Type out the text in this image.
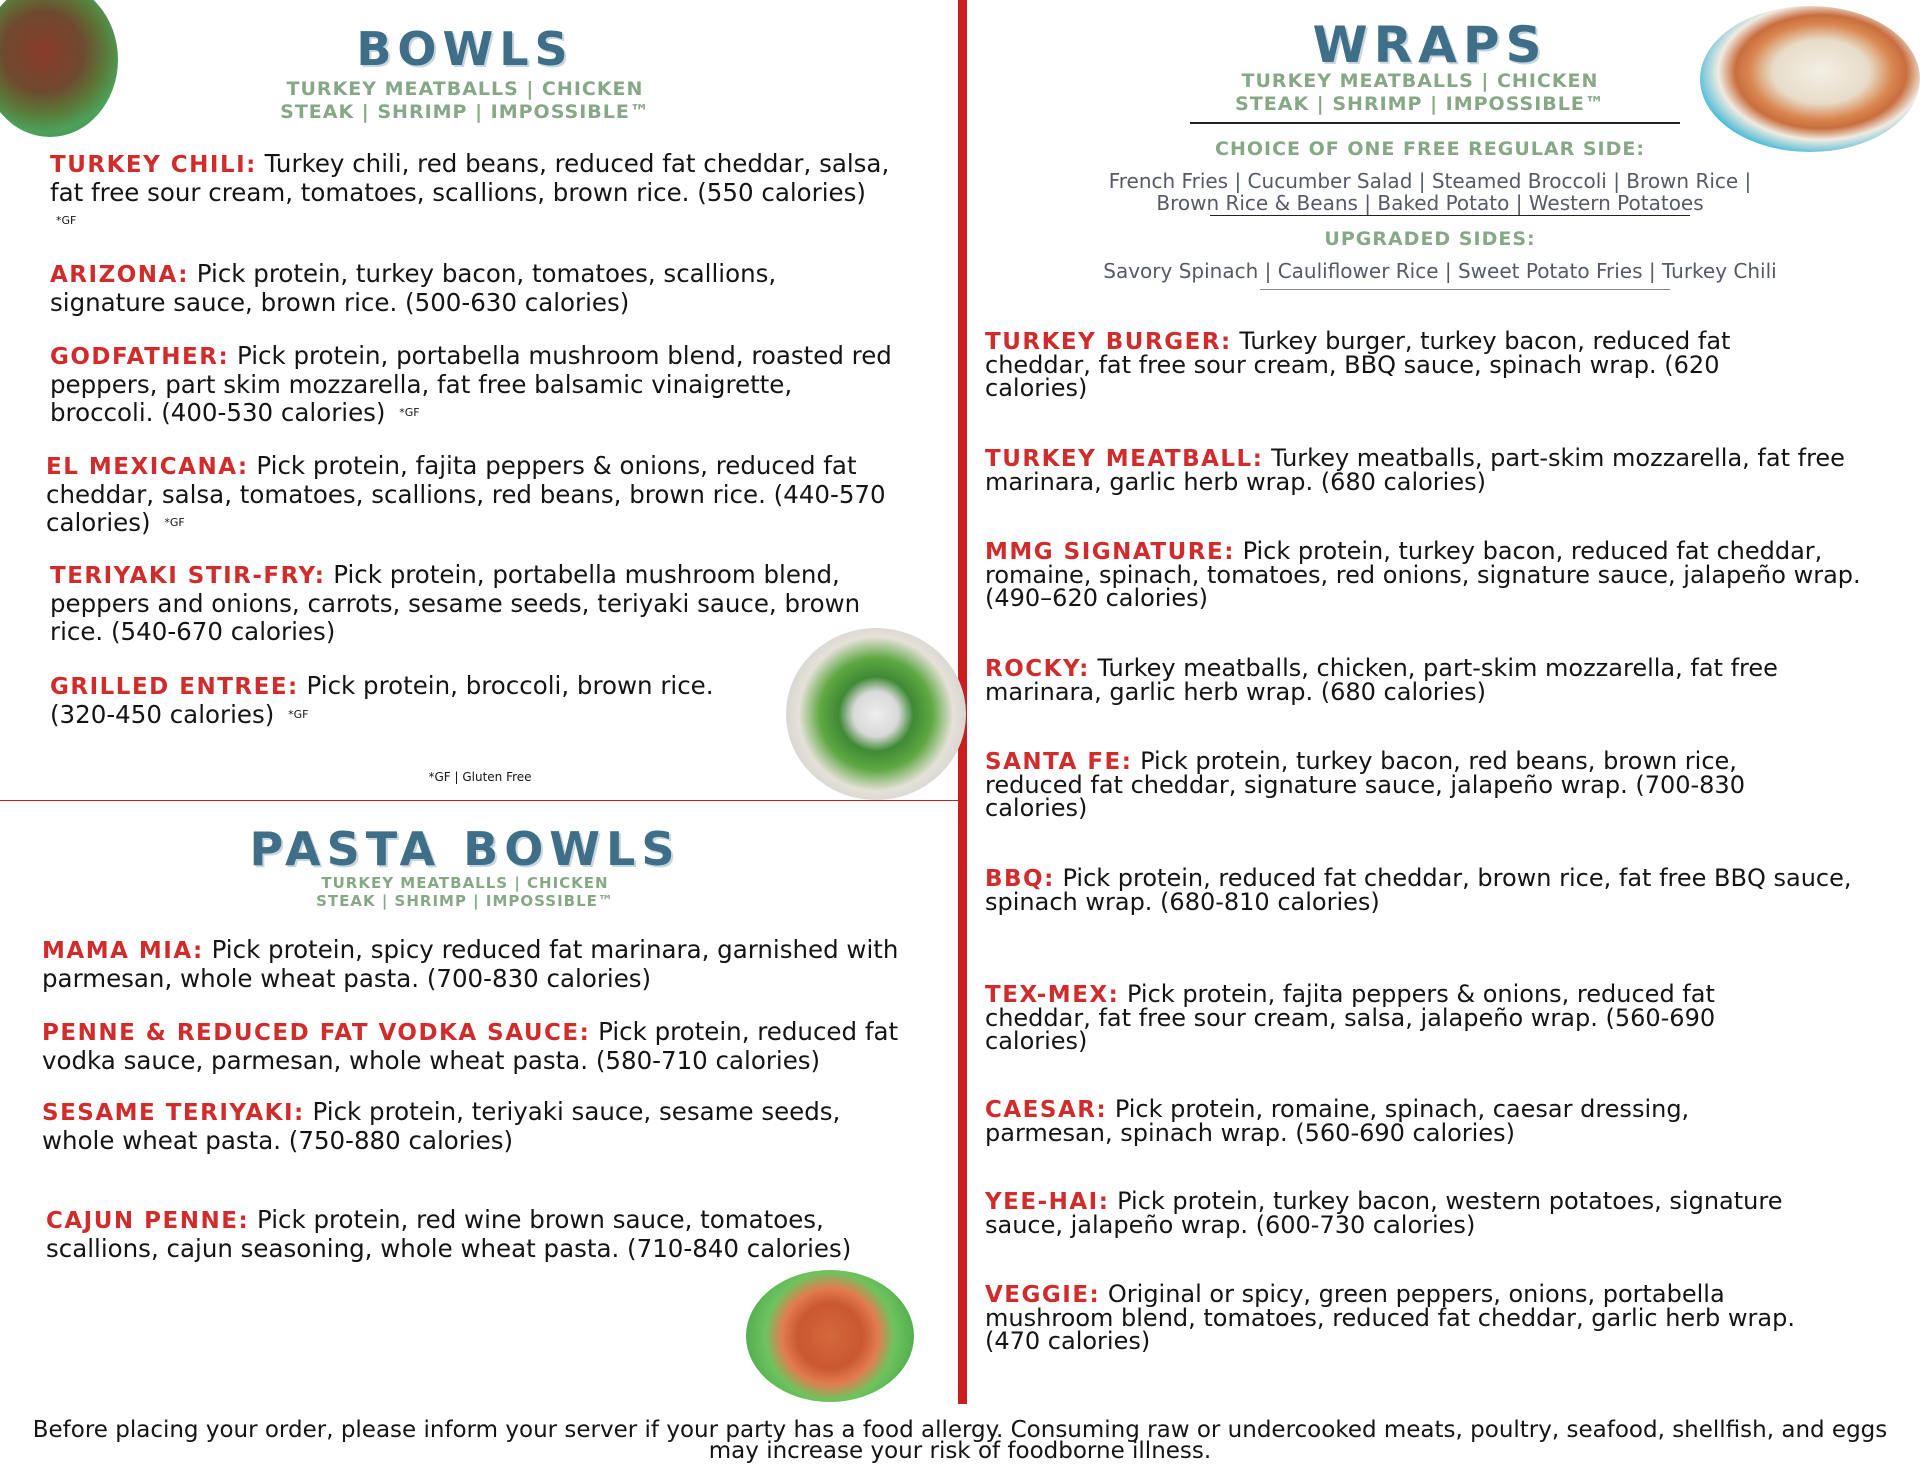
BOWLS
TURKEY MEATBALLS | CHICKEN
STEAK | SHRIMP | IMPOSSIBLE™
TURKEY CHILI: Turkey chili, red beans, reduced fat cheddar, salsa, fat free sour cream, tomatoes, scallions, brown rice. (550 calories) $^{*GF}$
ARIZONA: Pick protein, turkey bacon, tomatoes, scallions, signature sauce, brown rice. (500-630 calories)
GODFATHER: Pick protein, portabella mushroom blend, roasted red peppers, part skim mozzarella, fat free balsamic vinaigrette, broccoli. (400-530 calories) $^{*GF}$
EL MEXICANA: Pick protein, fajita peppers & onions, reduced fat cheddar, salsa, tomatoes, scallions, red beans, brown rice. (440-570 calories) $^{*GF}$
TERIYAKI STIR-FRY: Pick protein, portabella mushroom blend, peppers and onions, carrots, sesame seeds, teriyaki sauce, brown rice. (540-670 calories)
GRILLED ENTREE: Pick protein, broccoli, brown rice. (320-450 calories) $^{*GF}$
*GF | Gluten Free
PASTA BOWLS
TURKEY MEATBALLS | CHICKEN
STEAK | SHRIMP | IMPOSSIBLE™
MAMA MIA: Pick protein, spicy reduced fat marinara, garnished with parmesan, whole wheat pasta. (700-830 calories)
PENNE & REDUCED FAT VODKA SAUCE: Pick protein, reduced fat vodka sauce, parmesan, whole wheat pasta. (580-710 calories)
SESAME TERIYAKI: Pick protein, teriyaki sauce, sesame seeds, whole wheat pasta. (750-880 calories)
CAJUN PENNE: Pick protein, red wine brown sauce, tomatoes, scallions, cajun seasoning, whole wheat pasta. (710-840 calories)
WRAPS
TURKEY MEATBALLS | CHICKEN
STEAK | SHRIMP | IMPOSSIBLE™
CHOICE OF ONE FREE REGULAR SIDE:
French Fries | Cucumber Salad | Steamed Broccoli | Brown Rice |
Brown Rice & Beans | Baked Potato | Western Potatoes
UPGRADED SIDES:
Savory Spinach | Cauliflower Rice | Sweet Potato Fries | Turkey Chili
TURKEY BURGER: Turkey burger, turkey bacon, reduced fat cheddar, fat free sour cream, BBQ sauce, spinach wrap. (620 calories)
TURKEY MEATBALL: Turkey meatballs, part-skim mozzarella, fat free marinara, garlic herb wrap. (680 calories)
MMG SIGNATURE: Pick protein, turkey bacon, reduced fat cheddar, romaine, spinach, tomatoes, red onions, signature sauce, jalapeño wrap. (490–620 calories)
ROCKY: Turkey meatballs, chicken, part-skim mozzarella, fat free marinara, garlic herb wrap. (680 calories)
SANTA FE: Pick protein, turkey bacon, red beans, brown rice, reduced fat cheddar, signature sauce, jalapeño wrap. (700-830 calories)
BBQ: Pick protein, reduced fat cheddar, brown rice, fat free BBQ sauce, spinach wrap. (680-810 calories)
TEX-MEX: Pick protein, fajita peppers & onions, reduced fat cheddar, fat free sour cream, salsa, jalapeño wrap. (560-690 calories)
CAESAR: Pick protein, romaine, spinach, caesar dressing, parmesan, spinach wrap. (560-690 calories)
YEE-HAI: Pick protein, turkey bacon, western potatoes, signature sauce, jalapeño wrap. (600-730 calories)
VEGGIE: Original or spicy, green peppers, onions, portabella mushroom blend, tomatoes, reduced fat cheddar, garlic herb wrap. (470 calories)
Before placing your order, please inform your server if your party has a food allergy. Consuming raw or undercooked meats, poultry, seafood, shellfish, and eggs may increase your risk of foodborne illness.
